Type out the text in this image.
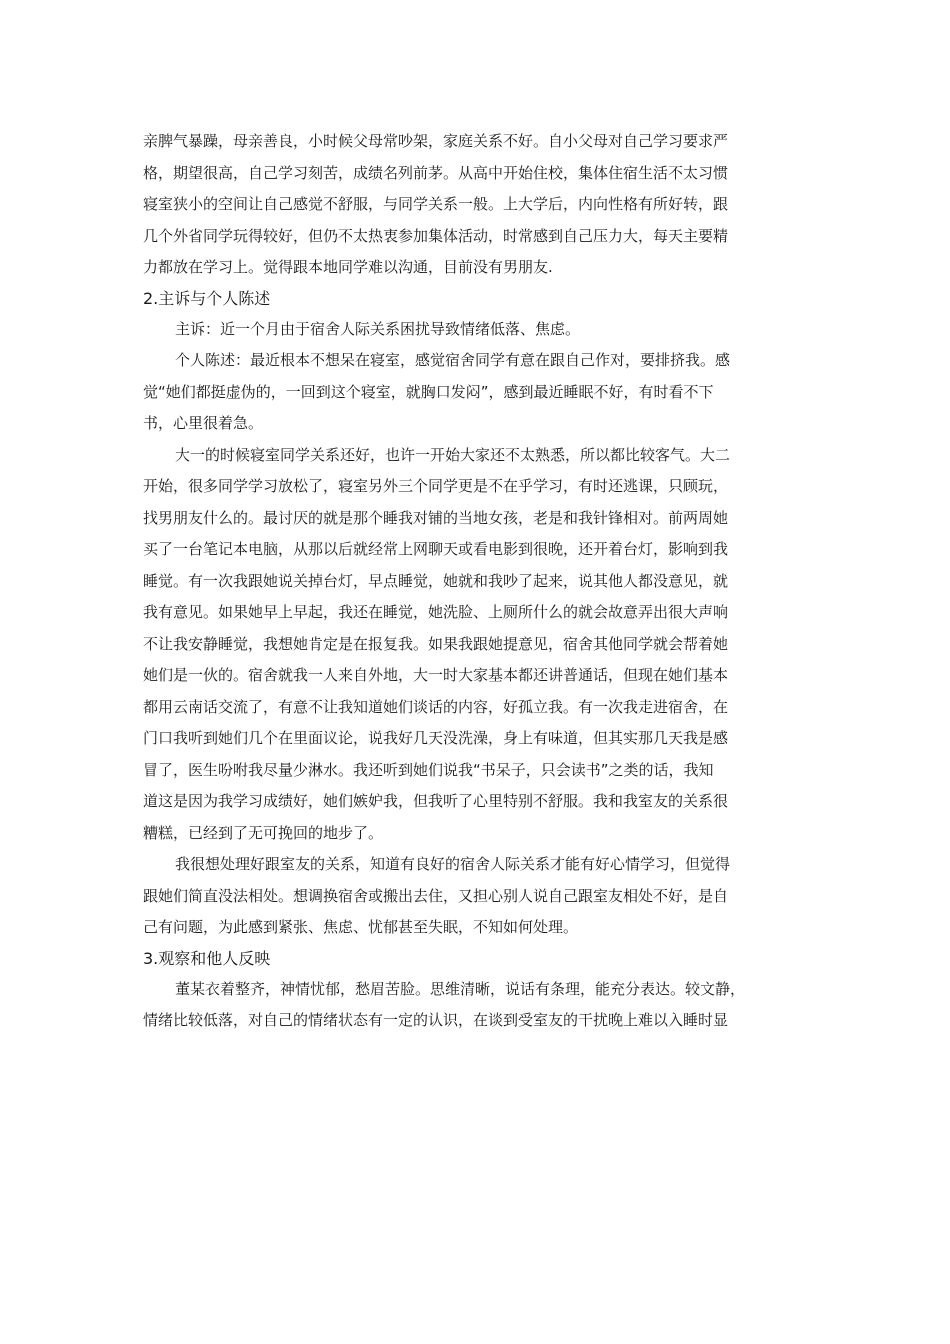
亲脾气暴躁，母亲善良，小时候父母常吵架，家庭关系不好。自小父母对自己学习要求严
格，期望很高，自己学习刻苦，成绩名列前茅。从高中开始住校，集体住宿生活不太习惯
寝室狭小的空间让自己感觉不舒服，与同学关系一般。上大学后，内向性格有所好转，跟
几个外省同学玩得较好，但仍不太热衷参加集体活动，时常感到自己压力大，每天主要精
力都放在学习上。觉得跟本地同学难以沟通，目前没有男朋友.
2.主诉与个人陈述
主诉：近一个月由于宿舍人际关系困扰导致情绪低落、焦虑。
个人陈述：最近根本不想呆在寝室，感觉宿舍同学有意在跟自己作对，要排挤我。感
觉“她们都挺虚伪的，一回到这个寝室，就胸口发闷”，感到最近睡眠不好，有时看不下
书，心里很着急。
大一的时候寝室同学关系还好，也许一开始大家还不太熟悉，所以都比较客气。大二
开始，很多同学学习放松了，寝室另外三个同学更是不在乎学习，有时还逃课，只顾玩，
找男朋友什么的。最讨厌的就是那个睡我对铺的当地女孩，老是和我针锋相对。前两周她
买了一台笔记本电脑，从那以后就经常上网聊天或看电影到很晚，还开着台灯，影响到我
睡觉。有一次我跟她说关掉台灯，早点睡觉，她就和我吵了起来，说其他人都没意见，就
我有意见。如果她早上早起，我还在睡觉，她洗脸、上厕所什么的就会故意弄出很大声响
不让我安静睡觉，我想她肯定是在报复我。如果我跟她提意见，宿舍其他同学就会帮着她
她们是一伙的。宿舍就我一人来自外地，大一时大家基本都还讲普通话，但现在她们基本
都用云南话交流了，有意不让我知道她们谈话的内容，好孤立我。有一次我走进宿舍，在
门口我听到她们几个在里面议论，说我好几天没洗澡，身上有味道，但其实那几天我是感
冒了，医生吩咐我尽量少淋水。我还听到她们说我“书呆子，只会读书”之类的话，我知
道这是因为我学习成绩好，她们嫉妒我，但我听了心里特别不舒服。我和我室友的关系很
糟糕，已经到了无可挽回的地步了。
我很想处理好跟室友的关系，知道有良好的宿舍人际关系才能有好心情学习，但觉得
跟她们简直没法相处。想调换宿舍或搬出去住，又担心别人说自己跟室友相处不好，是自
己有问题，为此感到紧张、焦虑、忧郁甚至失眠，不知如何处理。
3.观察和他人反映
董某衣着整齐，神情忧郁，愁眉苦脸。思维清晰，说话有条理，能充分表达。较文静，
情绪比较低落，对自己的情绪状态有一定的认识，在谈到受室友的干扰晚上难以入睡时显
